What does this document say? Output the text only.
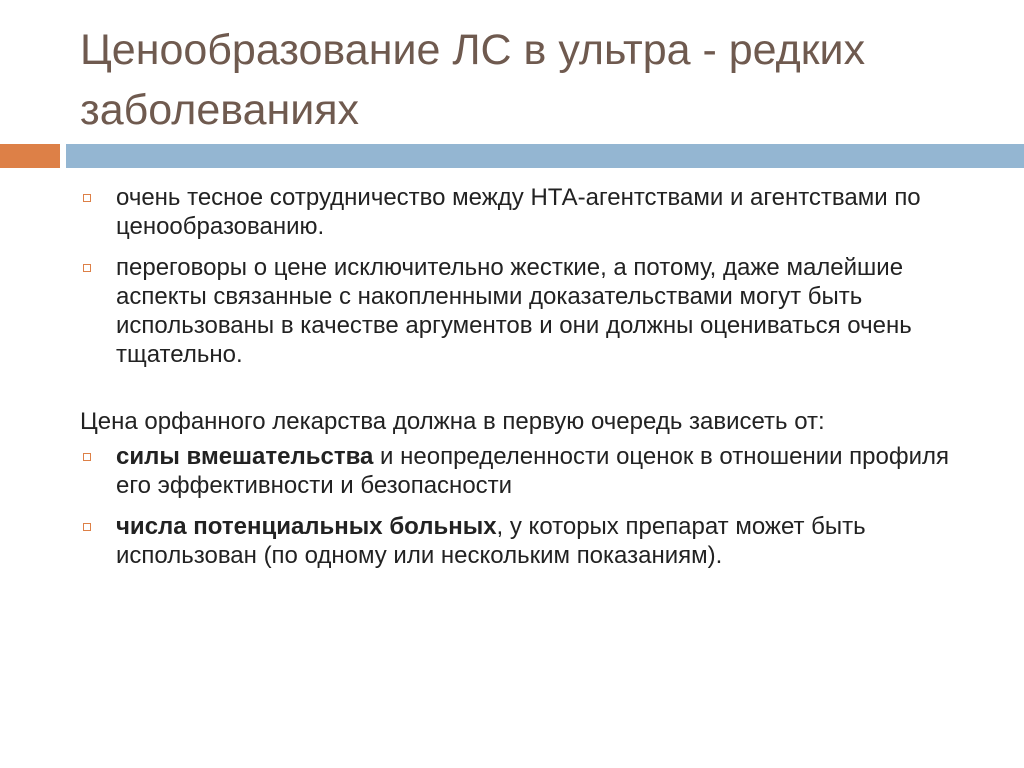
Ценообразование ЛС в ультра - редких заболеваниях
очень тесное сотрудничество между НТА-агентствами и агентствами по ценообразованию.
переговоры о цене исключительно жесткие, а потому, даже малейшие аспекты связанные с накопленными доказательствами могут быть использованы в качестве аргументов и они должны оцениваться очень тщательно.

Цена орфанного лекарства должна в первую очередь зависеть от:

силы вмешательства и неопределенности оценок в отношении профиля его эффективности и безопасности
числа потенциальных больных, у которых препарат может быть использован (по одному или нескольким показаниям).
